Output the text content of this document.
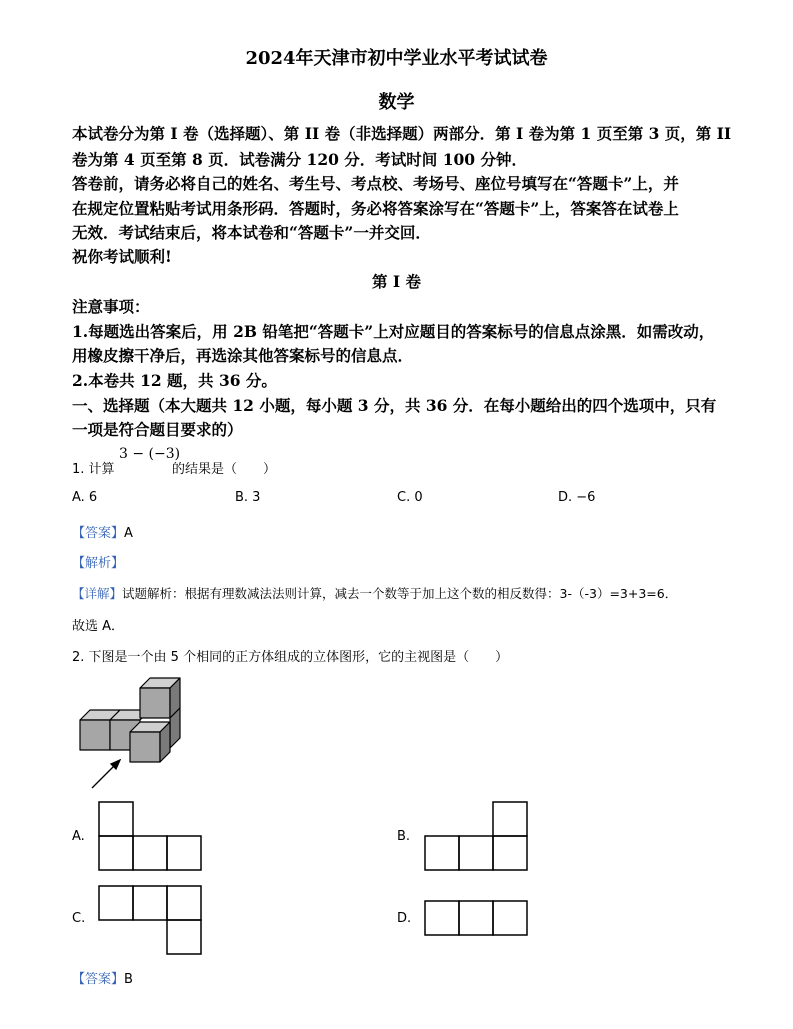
2024年天津市初中学业水平考试试卷
数学
本试卷分为第 I 卷（选择题）、第 II 卷（非选择题）两部分．第 I 卷为第 1 页至第 3 页，第 II
卷为第 4 页至第 8 页．试卷满分 120 分．考试时间 100 分钟．
答卷前，请务必将自己的姓名、考生号、考点校、考场号、座位号填写在“答题卡”上，并
在规定位置粘贴考试用条形码．答题时，务必将答案涂写在“答题卡”上，答案答在试卷上
无效．考试结束后，将本试卷和“答题卡”一并交回．
祝你考试顺利!
第 I 卷
注意事项：
1.每题选出答案后，用 2B 铅笔把“答题卡”上对应题目的答案标号的信息点涂黑．如需改动，
用橡皮擦干净后，再选涂其他答案标号的信息点．
2.本卷共 12 题，共 36 分。
一、选择题（本大题共 12 小题，每小题 3 分，共 36 分．在每小题给出的四个选项中，只有
一项是符合题目要求的）
1. 计算
3 − (−3)
的结果是（　　）
A. 6	B. 3	C. 0	D. −6
【答案】A
【解析】
【详解】试题解析：根据有理数减法法则计算，减去一个数等于加上这个数的相反数得：3-（-3）=3+3=6．
故选 A．
2. 下图是一个由 5 个相同的正方体组成的立体图形，它的主视图是（　　）
A.	B.
C.	D.
【答案】B
